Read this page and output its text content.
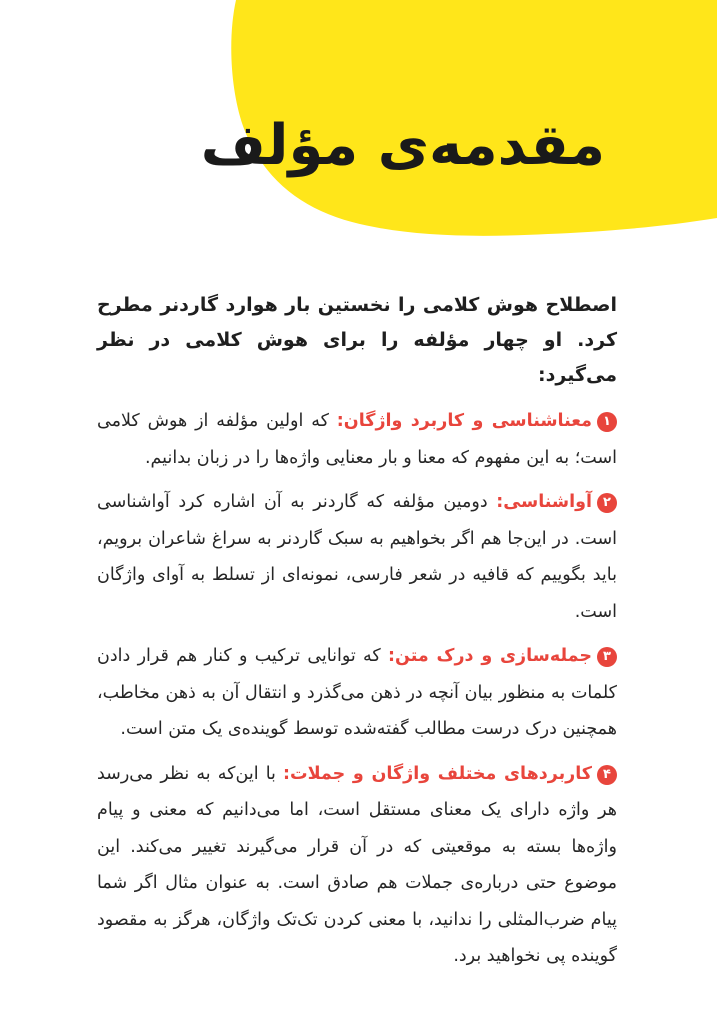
مقدمه‌ی مؤلف

اصطلاح هوش کلامی را نخستین بار هوارد گاردنر مطرح کرد. او چهار مؤلفه را برای هوش کلامی در نظر می‌گیرد:

۱معناشناسی و کاربرد واژگان: که اولین مؤلفه از هوش کلامی است؛ به این مفهوم که معنا و بار معنایی واژه‌ها را در زبان بدانیم.

۲آواشناسی: دومین مؤلفه که گاردنر به آن اشاره کرد آواشناسی است. در این‌جا هم اگر بخواهیم به سبک گاردنر به سراغ شاعران برویم، باید بگوییم که قافیه در شعر فارسی، نمونه‌ای از تسلط به آوای واژگان است.

۳جمله‌سازی و درک متن: که توانایی ترکیب و کنار هم قرار دادن کلمات به منظور بیان آنچه در ذهن می‌گذرد و انتقال آن به ذهن مخاطب، همچنین درک درست مطالب گفته‌شده توسط گوینده‌ی یک متن است.

۴کاربردهای مختلف واژگان و جملات: با این‌که به نظر می‌رسد هر واژه دارای یک معنای مستقل است، اما می‌دانیم که معنی و پیام واژه‌ها بسته به موقعیتی که در آن قرار می‌گیرند تغییر می‌کند. این موضوع حتی درباره‌ی جملات هم صادق است. به عنوان مثال اگر شما پیام ضرب‌المثلی را ندانید، با معنی کردن تک‌تک واژگان، هرگز به مقصود گوینده پی نخواهید برد.
